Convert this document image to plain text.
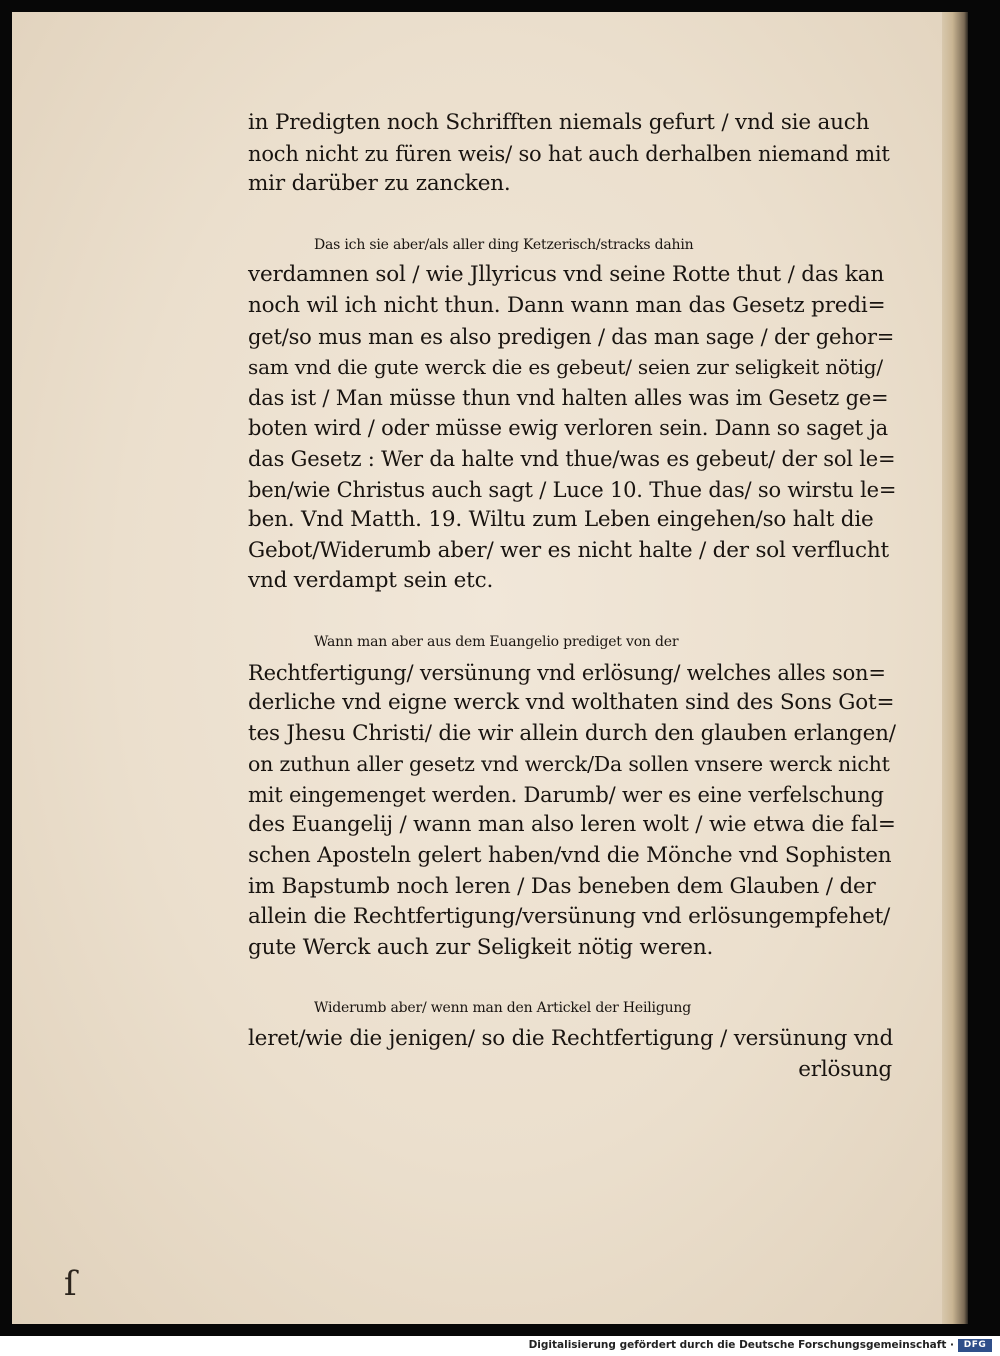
in Predigten noch Schrifften niemals gefurt / vnd sie auch
noch nicht zu füren weis/ so hat auch derhalben niemand mit
mir darüber zu zancken.
Das ich sie aber/als aller ding Ketzerisch/stracks dahin
verdamnen sol / wie Jllyricus vnd seine Rotte thut / das kan
noch wil ich nicht thun. Dann wann man das Gesetz predi=
get/so mus man es also predigen / das man sage / der gehor=
sam vnd die gute werck die es gebeut/ seien zur seligkeit nötig/
das ist / Man müsse thun vnd halten alles was im Gesetz ge=
boten wird / oder müsse ewig verloren sein. Dann so saget ja
das Gesetz : Wer da halte vnd thue/was es gebeut/ der sol le=
ben/wie Christus auch sagt / Luce 10. Thue das/ so wirstu le=
ben. Vnd Matth. 19. Wiltu zum Leben eingehen/so halt die
Gebot/Widerumb aber/ wer es nicht halte / der sol verflucht
vnd verdampt sein etc.
Wann man aber aus dem Euangelio prediget von der
Rechtfertigung/ versünung vnd erlösung/ welches alles son=
derliche vnd eigne werck vnd wolthaten sind des Sons Got=
tes Jhesu Christi/ die wir allein durch den glauben erlangen/
on zuthun aller gesetz vnd werck/Da sollen vnsere werck nicht
mit eingemenget werden. Darumb/ wer es eine verfelschung
des Euangelij / wann man also leren wolt / wie etwa die fal=
schen Aposteln gelert haben/vnd die Mönche vnd Sophisten
im Bapstumb noch leren / Das beneben dem Glauben / der
allein die Rechtfertigung/versünung vnd erlösungempfehet/
gute Werck auch zur Seligkeit nötig weren.
Widerumb aber/ wenn man den Artickel der Heiligung
leret/wie die jenigen/ so die Rechtfertigung / versünung vnd
erlösung
ſ
Digitalisierung gefördert durch die Deutsche Forschungsgemeinschaft ·	DFG
